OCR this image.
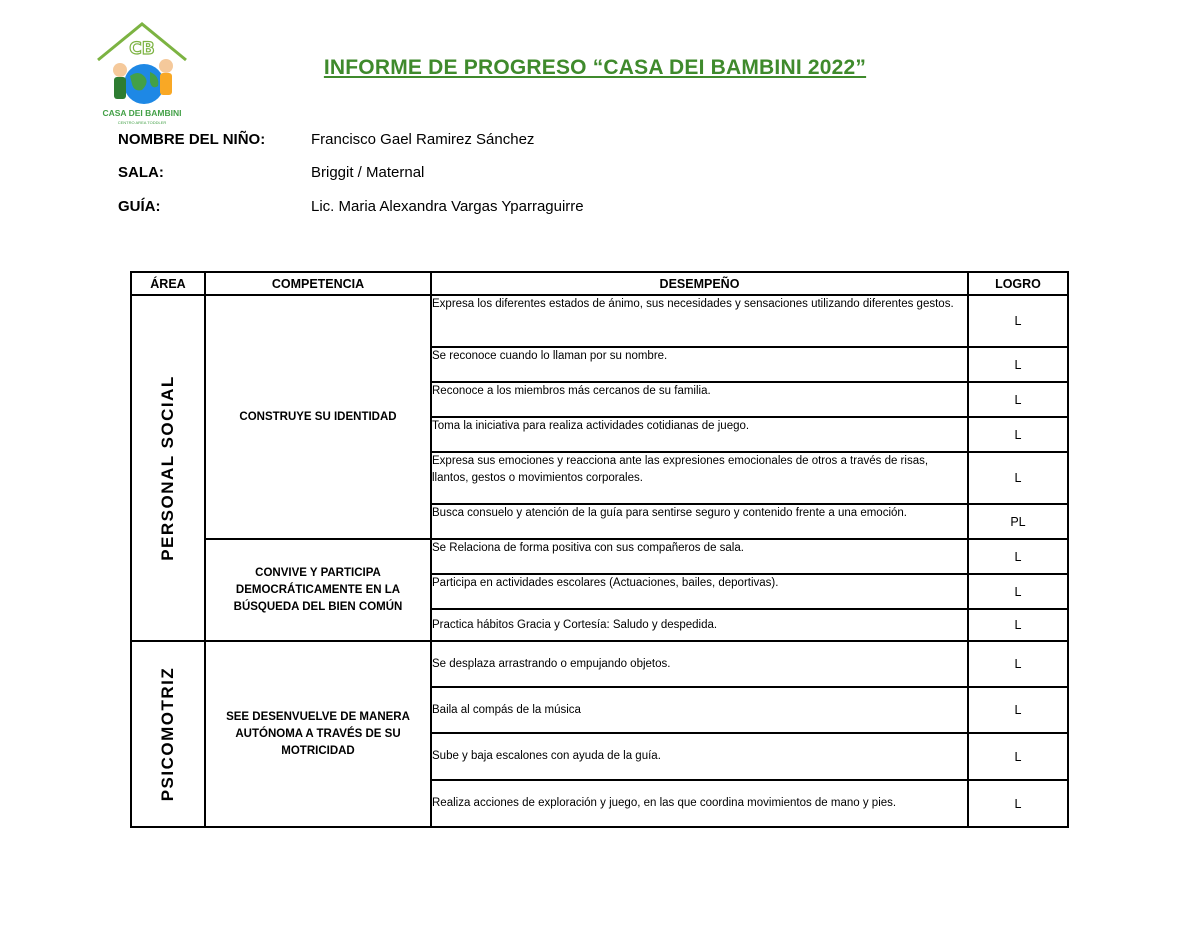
CB
CASA DEI BAMBINI
CENTRO AREA TODDLER
INFORME DE PROGRESO “CASA DEI BAMBINI 2022”
NOMBRE DEL NIÑO:	Francisco Gael Ramirez Sánchez
SALA:	Briggit / Maternal
GUÍA:	Lic. Maria Alexandra Vargas Yparraguirre
ÁREA	COMPETENCIA	DESEMPEÑO	LOGRO

PERSONAL SOCIAL	CONSTRUYE SU IDENTIDAD	Expresa los diferentes estados de ánimo, sus necesidades y sensaciones utilizando diferentes gestos.	L
		Se reconoce cuando lo llaman por su nombre.	L
		Reconoce a los miembros más cercanos de su familia.	L
		Toma la iniciativa para realiza actividades cotidianas de juego.	L
		Expresa sus emociones y reacciona ante las expresiones emocionales de otros a través de risas, llantos, gestos o movimientos corporales.	L
		Busca consuelo y atención de la guía para sentirse seguro y contenido frente a una emoción.	PL
	CONVIVE Y PARTICIPA DEMOCRÁTICAMENTE EN LA BÚSQUEDA DEL BIEN COMÚN	Se Relaciona de forma positiva con sus compañeros de sala.	L
		Participa en actividades escolares (Actuaciones, bailes, deportivas).	L
		Practica hábitos Gracia y Cortesía: Saludo y despedida.	L

PSICOMOTRIZ	SEE DESENVUELVE DE MANERA AUTÓNOMA A TRAVÉS DE SU MOTRICIDAD	Se desplaza arrastrando o empujando objetos.	L
		Baila al compás de la música	L
		Sube y baja escalones con ayuda de la guía.	L
		Realiza acciones de exploración y juego, en las que coordina movimientos de mano y pies.	L
